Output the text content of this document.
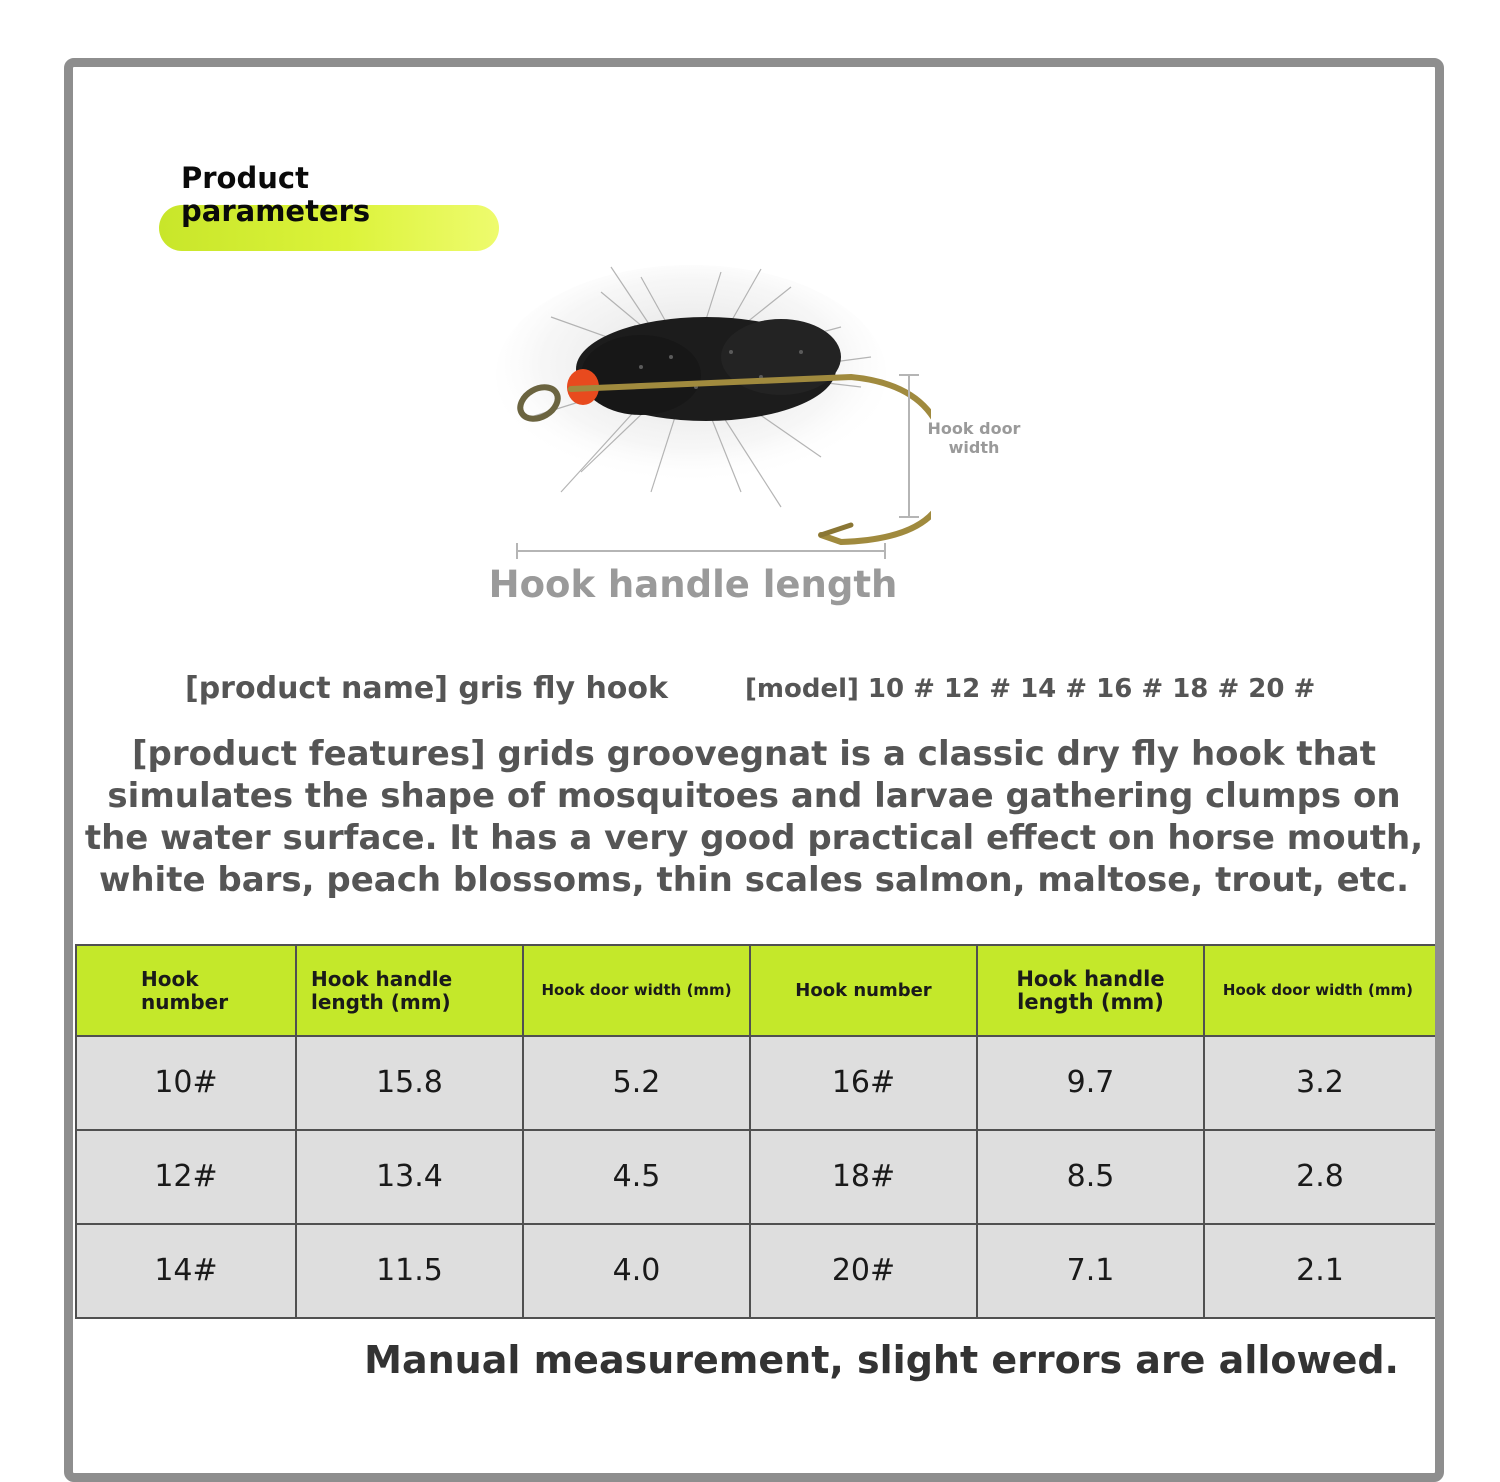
Product parameters
Hook door width
Hook handle length
[product name] gris fly hook	[model] 10 # 12 # 14 # 16 # 18 # 20 #

[product features] grids groovegnat is a classic dry fly hook that simulates the shape of mosquitoes and larvae gathering clumps on the water surface. It has a very good practical effect on horse mouth, white bars, peach blossoms, thin scales salmon, maltose, trout, etc.

Hook number	Hook handle length (mm)	Hook door width (mm)	Hook number	Hook handle length (mm)	Hook door width (mm)
10#	15.8	5.2	16#	9.7	3.2
12#	13.4	4.5	18#	8.5	2.8
14#	11.5	4.0	20#	7.1	2.1
Manual measurement, slight errors are allowed.
